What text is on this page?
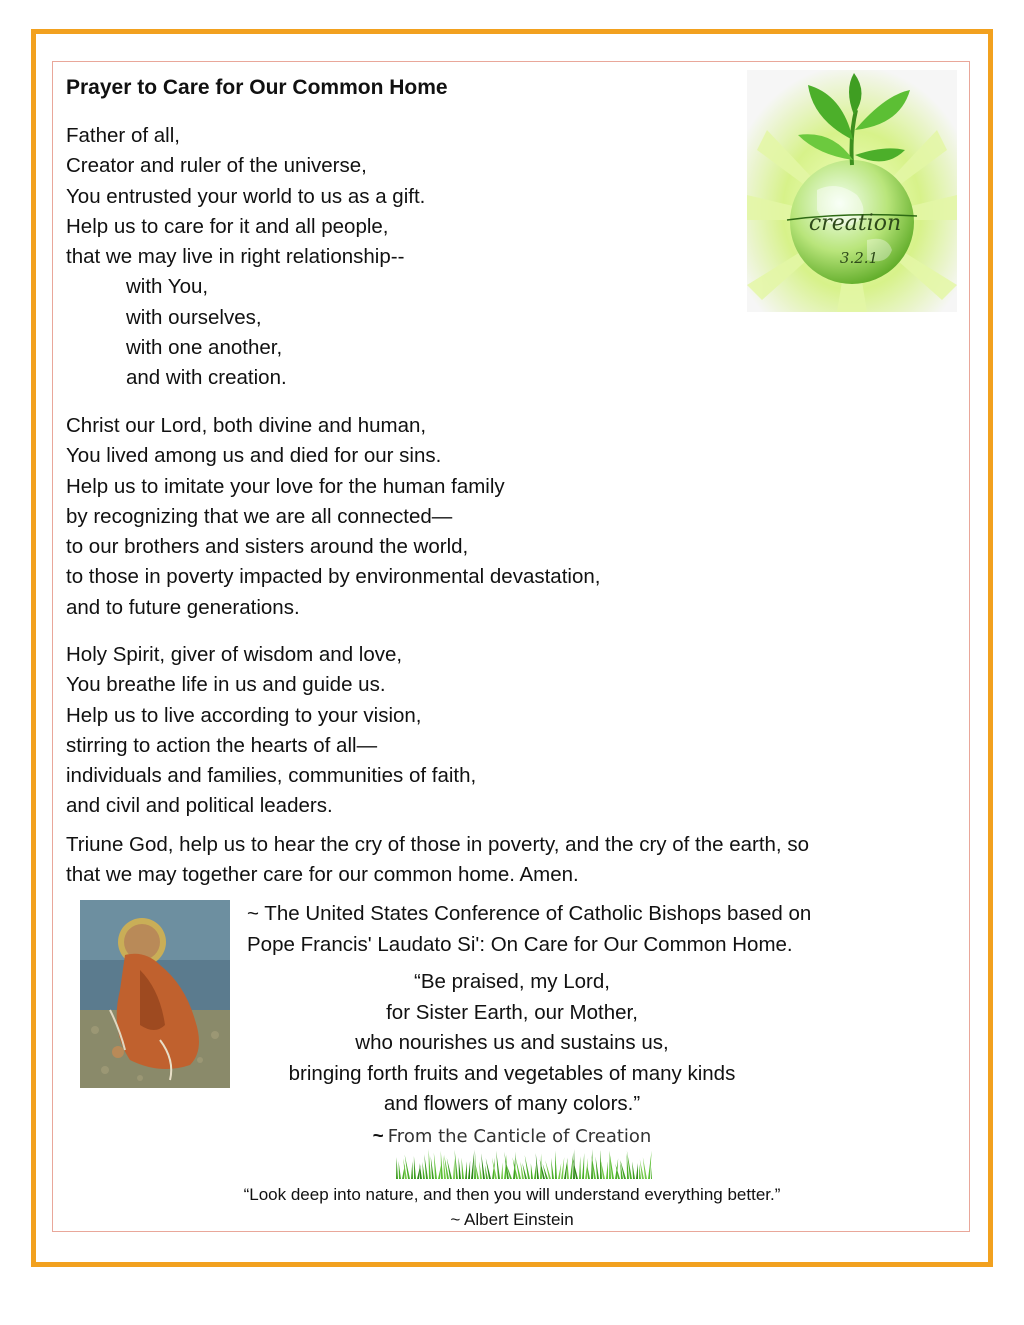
Prayer to Care for Our Common Home
Father of all,
Creator and ruler of the universe,
You entrusted your world to us as a gift.
Help us to care for it and all people,
that we may live in right relationship--
with You,
with ourselves,
with one another,
and with creation.
Christ our Lord, both divine and human,
You lived among us and died for our sins.
Help us to imitate your love for the human family
by recognizing that we are all connected—
to our brothers and sisters around the world,
to those in poverty impacted by environmental devastation,
and to future generations.
Holy Spirit, giver of wisdom and love,
You breathe life in us and guide us.
Help us to live according to your vision,
stirring to action the hearts of all—
individuals and families, communities of faith,
and civil and political leaders.
Triune God, help us to hear the cry of those in poverty, and the cry of the earth, so
that we may together care for our common home. Amen.
creation
3.2.1
~ The United States Conference of Catholic Bishops based on
Pope Francis' Laudato Si': On Care for Our Common Home.
“Be praised, my Lord,
for Sister Earth, our Mother,
who nourishes us and sustains us,
bringing forth fruits and vegetables of many kinds
and flowers of many colors.”
~ From the Canticle of Creation
“Look deep into nature, and then you will understand everything better.”
~ Albert Einstein
